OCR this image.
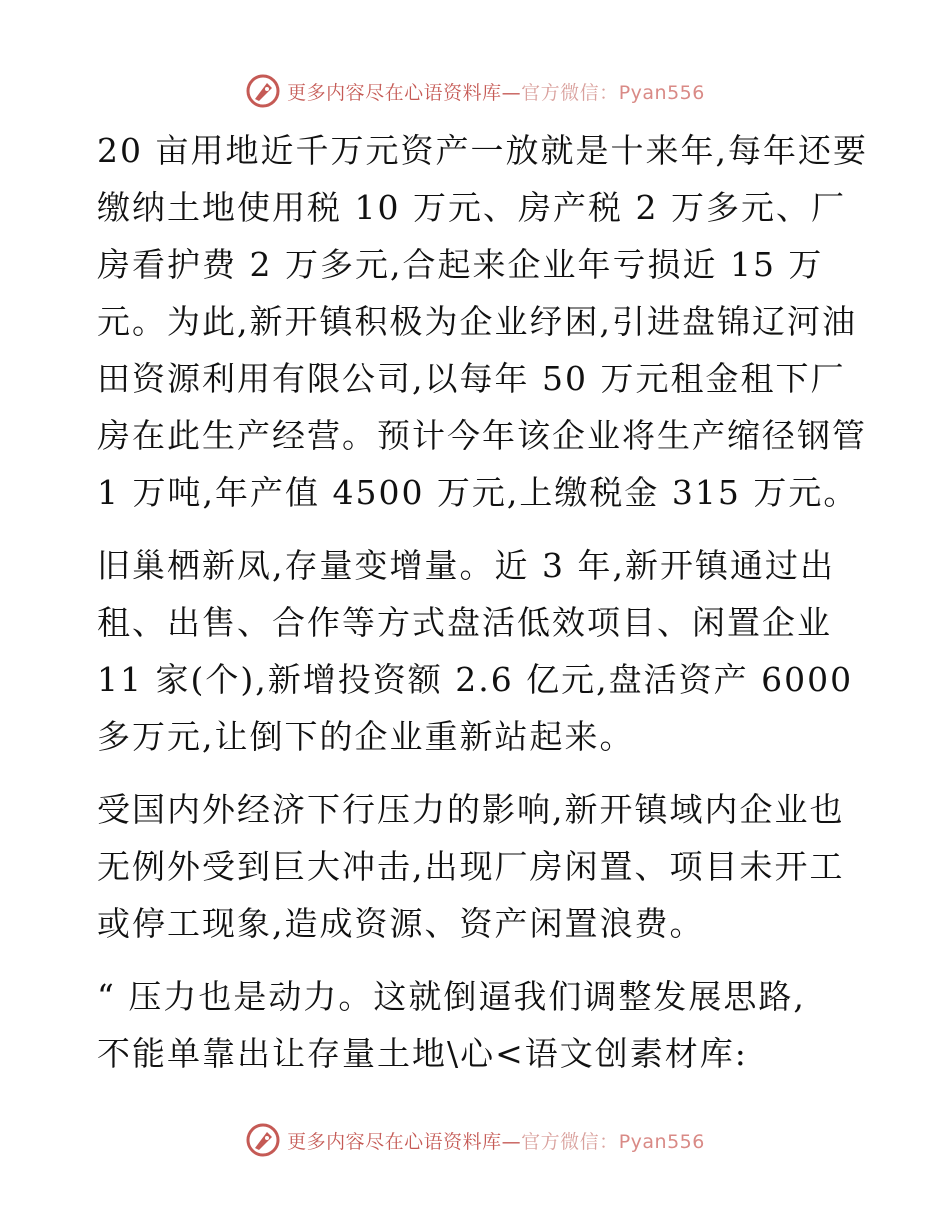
更多内容尽在心语资料库—官方微信：Pyan556
20 亩用地近千万元资产一放就是十来年,每年还要
缴纳土地使用税 10 万元、房产税 2 万多元、厂
房看护费 2 万多元,合起来企业年亏损近 15 万
元。为此,新开镇积极为企业纾困,引进盘锦辽河油
田资源利用有限公司,以每年 50 万元租金租下厂
房在此生产经营。预计今年该企业将生产缩径钢管
1 万吨,年产值 4500 万元,上缴税金 315 万元。
旧巢栖新凤,存量变增量。近 3 年,新开镇通过出
租、出售、合作等方式盘活低效项目、闲置企业
11 家(个),新增投资额 2.6 亿元,盘活资产 6000
多万元,让倒下的企业重新站起来。
受国内外经济下行压力的影响,新开镇域内企业也
无例外受到巨大冲击,出现厂房闲置、项目未开工
或停工现象,造成资源、资产闲置浪费。
“ 压力也是动力。这就倒逼我们调整发展思路,
不能单靠出让存量土地\心<语文创素材库:
更多内容尽在心语资料库—官方微信：Pyan556
